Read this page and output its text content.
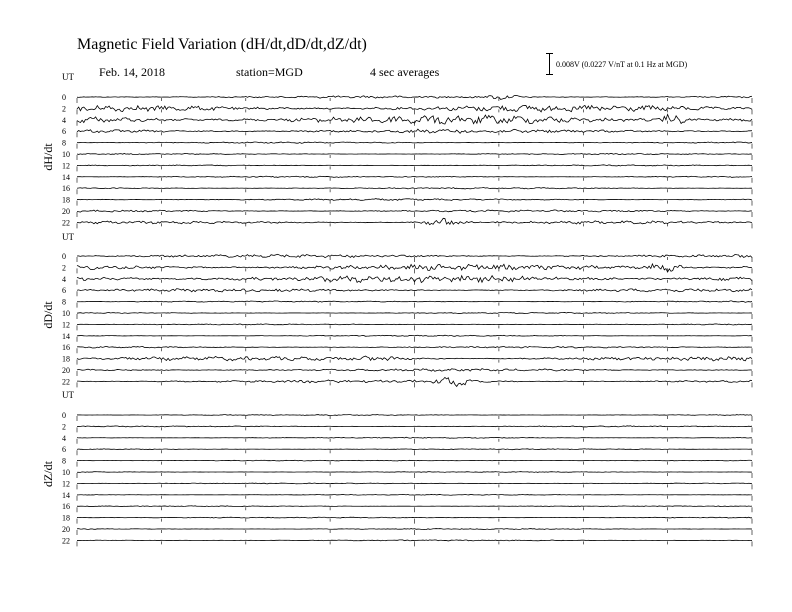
Magnetic Field Variation (dH/dt,dD/dt,dZ/dt)
Feb. 14, 2018	station=MGD	4 sec averages
0.008V (0.0227 V/nT at 0.1 Hz at MGD)
UT
dH/dt
0
2
4
6
8
10
12
14
16
18
20
22
UT
dD/dt
0
2
4
6
8
10
12
14
16
18
20
22
UT
dZ/dt
0
2
4
6
8
10
12
14
16
18
20
22
